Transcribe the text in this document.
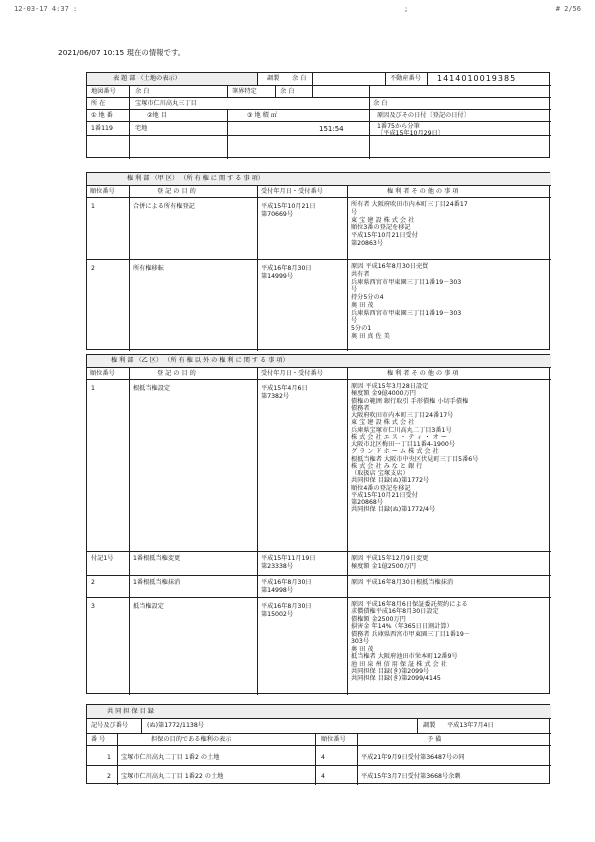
12-03-17 4:37 :	;	# 2/56
2021/06/07 10:15 現在の情報です。
表 題 部 （土地の表示）	調製 余 白	不動産番号 1414010019385
地図番号	余 白	筆界特定	余 白
余 白
所 在	宝塚市仁川高丸三丁目
① 地 番	②地 目	③ 地 積 ㎡	原因及びその日付〔登記の日付〕
1番119	宅地	151:54	1番75から分筆
〔平成15年10月29日〕
権 利 部 （甲 区） （所 有 権 に 関 す る 事 項）
順位番号	登 記 の 目 的	受付年月日・受付番号	権 利 者 そ の 他 の 事 項
1	合併による所有権登記	平成15年10月21日
第70669号
所有者 大阪府吹田市内本町三丁目24番17
号
東 宝 建 設 株 式 会 社
順位3番の登記を移記
平成15年10月21日受付
第20863号
2	所有権移転	平成16年8月30日
第14999号
原因 平成16年8月30日売買
共有者
兵庫県西宮市甲東園三丁目1番19－303
号
持分5分の4
奥 田 茂
兵庫県西宮市甲東園三丁目1番19－303
号
5分の1
奥 田 真 佐 美
権 利 部 （乙 区） （所 有 権 以 外 の 権 利 に 関 す る 事 項）
順位番号	登 記 の 目 的	受付年月日・受付番号	権 利 者 そ の 他 の 事 項
1	根抵当権設定	平成15年4月6日
第7382号
原因 平成15年3月28日設定
極度額 金9億4000万円
債権の範囲 銀行取引 手形債権 小切手債権
債務者
大阪府吹田市内本町三丁目24番17号
東 宝 建 設 株 式 会 社
兵庫県宝塚市仁川高丸二丁目3番1号
株 式 会 社 エ ス ・ テ ィ ・ オ ー
大阪市北区梅田一丁目11番4-1900号
グ ラ ン ド ホ ー ム 株 式 会 社
根抵当権者 大阪市中央区伏見町三丁目5番6号
株 式 会 社 み な と 銀 行
（取扱店 宝塚支店）
共同担保 目録(ぬ)第1772号
順位4番の登記を移記
平成15年10月21日受付
第20868号
共同担保 目録(ぬ)第1772/4号
付記1号	1番根抵当権変更	平成15年11月19日
第23338号
原因 平成15年12月9日変更
極度額 金1億2500万円
2	1番根抵当権抹消	平成16年8月30日
第14998号
原因 平成16年8月30日根抵当権抹消
3	抵当権設定	平成16年8月30日
第15002号
原因 平成16年8月6日保証委託契約による
求償債権平成16年8月30日設定
債権額 金2500万円
損害金 年14%（年365日日割計算）
債務者 兵庫県西宮市甲東園三丁目1番19－
303号
奥 田 茂
抵当権者 大阪府池田市栄本町12番9号
池 田 泉 州 信 用 保 証 株 式 会 社
共同担保 目録(き)第2099号
共同担保 目録(き)第2099/4145
共 同 担 保 目 録
記号及び番号	(ぬ)第1772/1138号	調製 平成13年7月4日
番 号	担保の目的である権利の表示	順位番号	予 備
1 宝塚市仁川高丸二丁目 1番2 の土地	4	平成21年9月9日受付第36487号の同
2 宝塚市仁川高丸二丁目 1番22 の土地	4	平成15年3月7日受付第3668号余剰
